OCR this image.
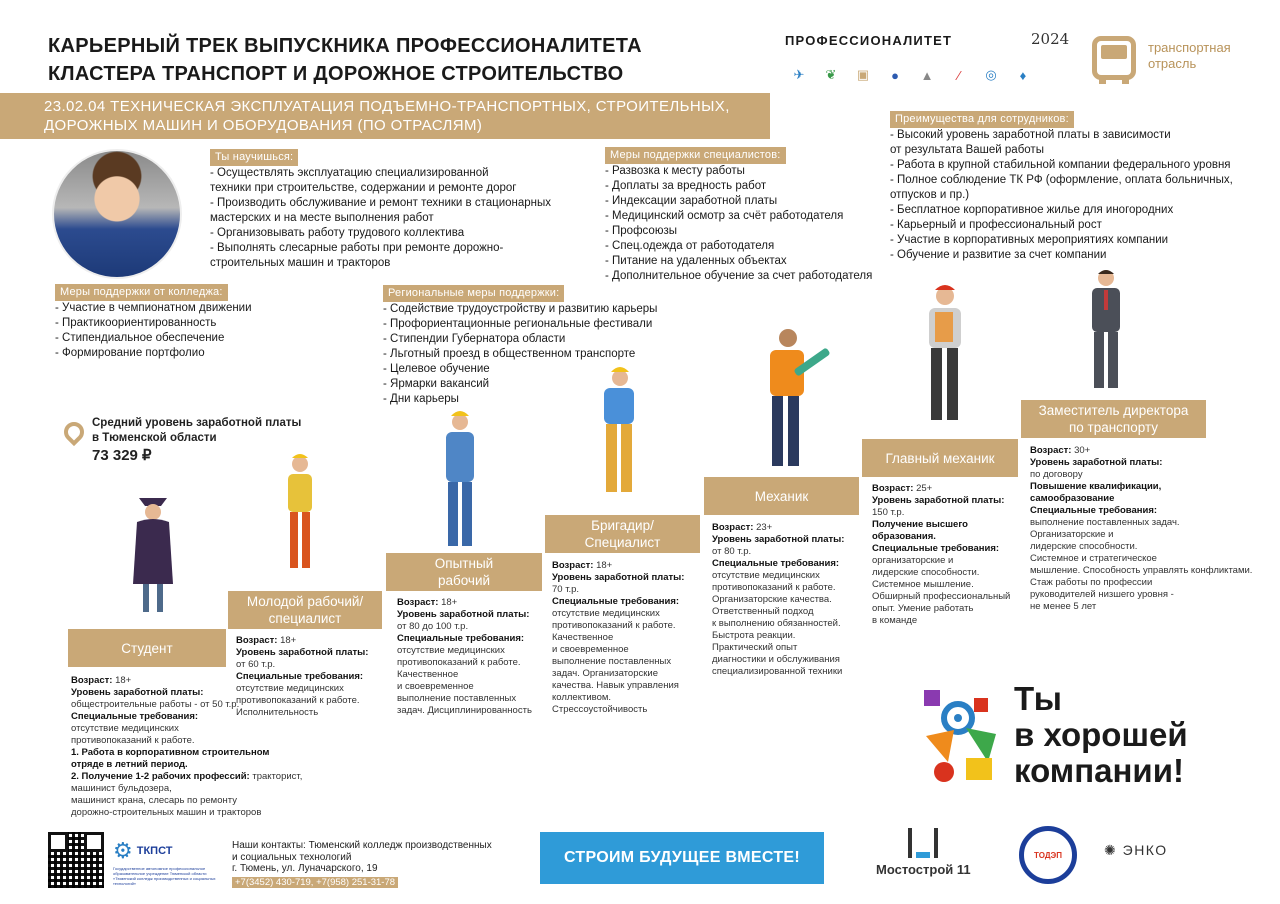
КАРЬЕРНЫЙ ТРЕК ВЫПУСКНИКА ПРОФЕССИОНАЛИТЕТА
КЛАСТЕРА ТРАНСПОРТ И ДОРОЖНОЕ СТРОИТЕЛЬСТВО
ПРОФЕССИОНАЛИТЕТ	2024
✈	❦	▣	●	▲	⁄	◎	♦
транспортная отрасль
23.02.04 ТЕХНИЧЕСКАЯ ЭКСПЛУАТАЦИЯ ПОДЪЕМНО-ТРАНСПОРТНЫХ, СТРОИТЕЛЬНЫХ,
ДОРОЖНЫХ МАШИН И ОБОРУДОВАНИЯ (ПО ОТРАСЛЯМ)
Ты научишься:
- Осуществлять эксплуатацию специализированной
техники при строительстве, содержании и ремонте дорог
- Производить обслуживание и ремонт техники в стационарных
мастерских и на месте выполнения работ
- Организовывать работу трудового коллектива
- Выполнять слесарные работы при ремонте дорожно-
строительных машин и тракторов
Меры поддержки специалистов:
- Развозка к месту работы
- Доплаты за вредность работ
- Индексации заработной платы
- Медицинский осмотр за счёт работодателя
- Профсоюзы
- Спец.одежда от работодателя
- Питание на удаленных объектах
- Дополнительное обучение за счет работодателя
Преимущества для сотрудников:
- Высокий уровень заработной платы в зависимости
от результата Вашей работы
- Работа в крупной стабильной компании федерального уровня
- Полное соблюдение ТК РФ (оформление, оплата больничных,
отпусков и пр.)
- Бесплатное корпоративное жилье для иногородних
- Карьерный и профессиональный рост
- Участие в корпоративных мероприятиях компании
- Обучение и развитие за счет компании
Меры поддержки от колледжа:
- Участие в чемпионатном движении
- Практикоориентированность
- Стипендиальное обеспечение
- Формирование портфолио
Региональные меры поддержки:
- Содействие трудоустройству и развитию карьеры
- Профориентационные региональные фестивали
- Стипендии Губернатора области
- Льготный проезд в общественном транспорте
- Целевое обучение
- Ярмарки вакансий
- Дни карьеры
Средний уровень заработной платы
в Тюменской области
73 329 ₽
Студент
Молодой рабочий/ специалист
Опытный рабочий
Бригадир/ Специалист
Механик
Главный механик
Заместитель директора по транспорту
Возраст: 18+
Уровень заработной платы:
общестроительные работы - от 50 т.р.
Специальные требования:
отсутствие медицинских
противопоказаний к работе.
1. Работа в корпоративном строительном
отряде в летний период.
2. Получение 1-2 рабочих профессий: тракторист,
машинист бульдозера,
машинист крана, слесарь по ремонту
дорожно-строительных машин и тракторов
Возраст: 18+
Уровень заработной платы:
от 60 т.р.
Специальные требования:
отсутствие медицинских
противопоказаний к работе.
Исполнительность
Возраст: 18+
Уровень заработной платы:
от 80 до 100 т.р.
Специальные требования:
отсутствие медицинских
противопоказаний к работе.
Качественное
и своевременное
выполнение поставленных
задач. Дисциплинированность
Возраст: 18+
Уровень заработной платы:
70 т.р.
Специальные требования:
отсутствие медицинских
противопоказаний к работе.
Качественное
и своевременное
выполнение поставленных
задач. Организаторские
качества. Навык управления
коллективом.
Стрессоустойчивость
Возраст: 23+
Уровень заработной платы:
от 80 т.р.
Специальные требования:
отсутствие медицинских
противопоказаний к работе.
Организаторские качества.
Ответственный подход
к выполнению обязанностей.
Быстрота реакции.
Практический опыт
диагностики и обслуживания
специализированной техники
Возраст: 25+
Уровень заработной платы:
150 т.р.
Получение высшего
образования.
Специальные требования:
организаторские и
лидерские способности.
Системное мышление.
Обширный профессиональный
опыт. Умение работать
в команде
Возраст: 30+
Уровень заработной платы:
по договору
Повышение квалификации,
самообразование
Специальные требования:
выполнение поставленных задач.
Организаторские и
лидерские способности.
Системное и стратегическое
мышление. Способность управлять конфликтами.
Стаж работы по профессии
руководителей низшего уровня -
не менее 5 лет
Ты
в хорошей
компании!
⚙ ТКПСТ
Государственное автономное профессиональное образовательное учреждение Тюменской области «Тюменский колледж производственных и социальных технологий»
Наши контакты: Тюменский колледж производственных
и социальных технологий
г. Тюмень, ул. Луначарского, 19
+7(3452) 430-719, +7(958) 251-31-78
СТРОИМ БУДУЩЕЕ ВМЕСТЕ!
Мостострой 11
ТОДЭП	✺ ЭНКО
